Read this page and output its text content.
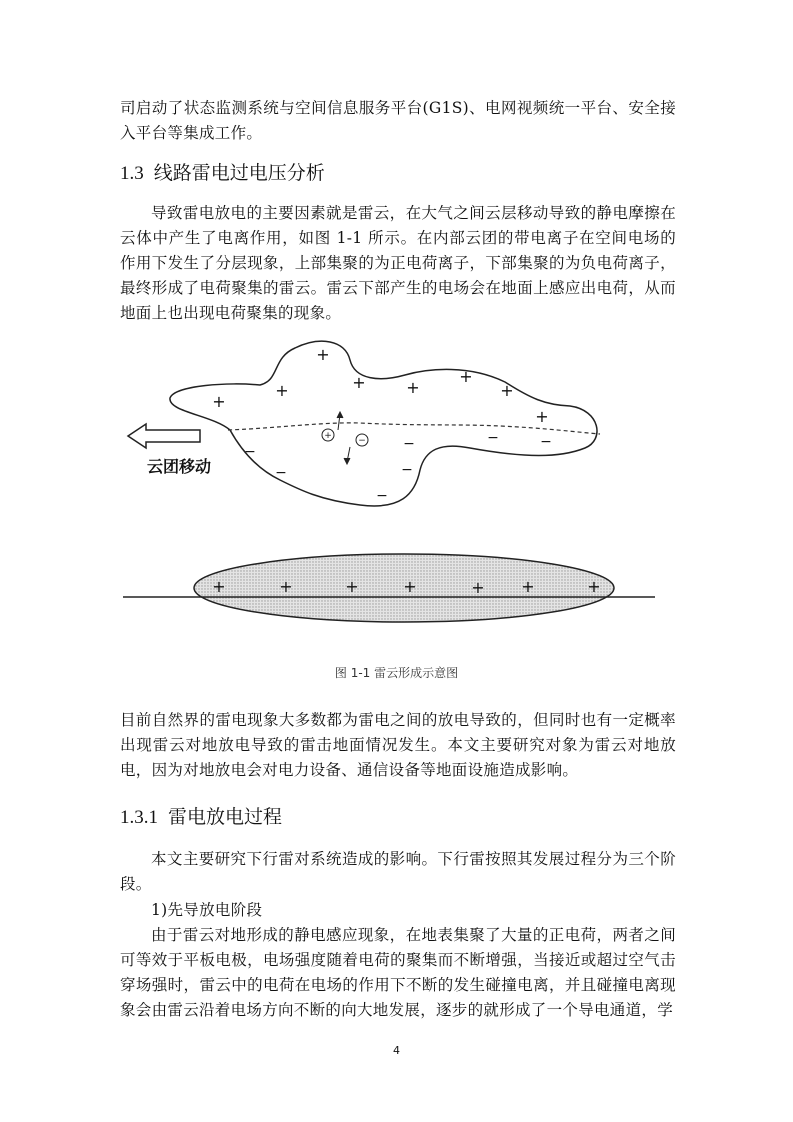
司启动了状态监测系统与空间信息服务平台(G1S)、电网视频统一平台、安全接入平台等集成工作。

1.3 线路雷电过电压分析

导致雷电放电的主要因素就是雷云，在大气之间云层移动导致的静电摩擦在云体中产生了电离作用，如图 1-1 所示。在内部云团的带电离子在空间电场的作用下发生了分层现象，上部集聚的为正电荷离子，下部集聚的为负电荷离子，最终形成了电荷聚集的雷云。雷云下部产生的电场会在地面上感应出电荷，从而地面上也出现电荷聚集的现象。

+
+
+
+	+
+
+
+
−
−
−
−
−
−	−
+	−
云团移动
+	+	+	+	+ +	+
图 1-1 雷云形成示意图

目前自然界的雷电现象大多数都为雷电之间的放电导致的，但同时也有一定概率出现雷云对地放电导致的雷击地面情况发生。本文主要研究对象为雷云对地放电，因为对地放电会对电力设备、通信设备等地面设施造成影响。

1.3.1 雷电放电过程

本文主要研究下行雷对系统造成的影响。下行雷按照其发展过程分为三个阶段。

1)先导放电阶段

由于雷云对地形成的静电感应现象，在地表集聚了大量的正电荷，两者之间可等效于平板电极，电场强度随着电荷的聚集而不断增强，当接近或超过空气击穿场强时，雷云中的电荷在电场的作用下不断的发生碰撞电离，并且碰撞电离现象会由雷云沿着电场方向不断的向大地发展，逐步的就形成了一个导电通道，学

4
